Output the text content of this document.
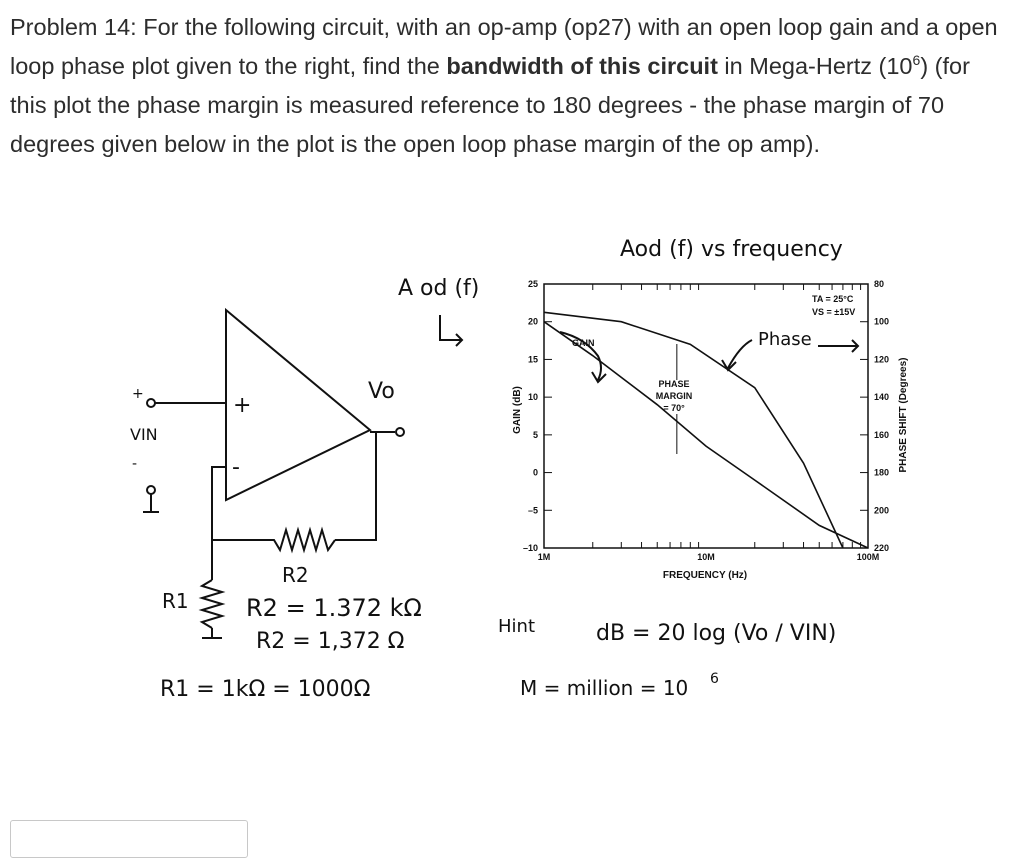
Problem 14: For the following circuit, with an op-amp (op27) with an open loop gain and a open loop phase plot given to the right, find the bandwidth of this circuit in Mega-Hertz $(10^6)$ (for this plot the phase margin is measured reference to 180 degrees - the phase margin of 70 degrees given below in the plot is the open loop phase margin of the op amp).
A od (f)
+
-
Vo
+
VIN
-
R1
R2
R2 = 1.372 kΩ
R2 = 1,372 Ω
R1 = 1kΩ = 1000Ω
Aod (f) vs frequency
25
20
15
10
5
0
–5
–10
80
100
120
140
160
180
200
220
1M	10M	100M
GAIN (dB)	PHASE SHIFT (Degrees)
FREQUENCY (Hz)
TA = 25°C
VS = ±15V
GAIN
PHASE
MARGIN
= 70°
Phase
Hint	dB = 20 log (Vo / VIN)
M = million = 10 6
